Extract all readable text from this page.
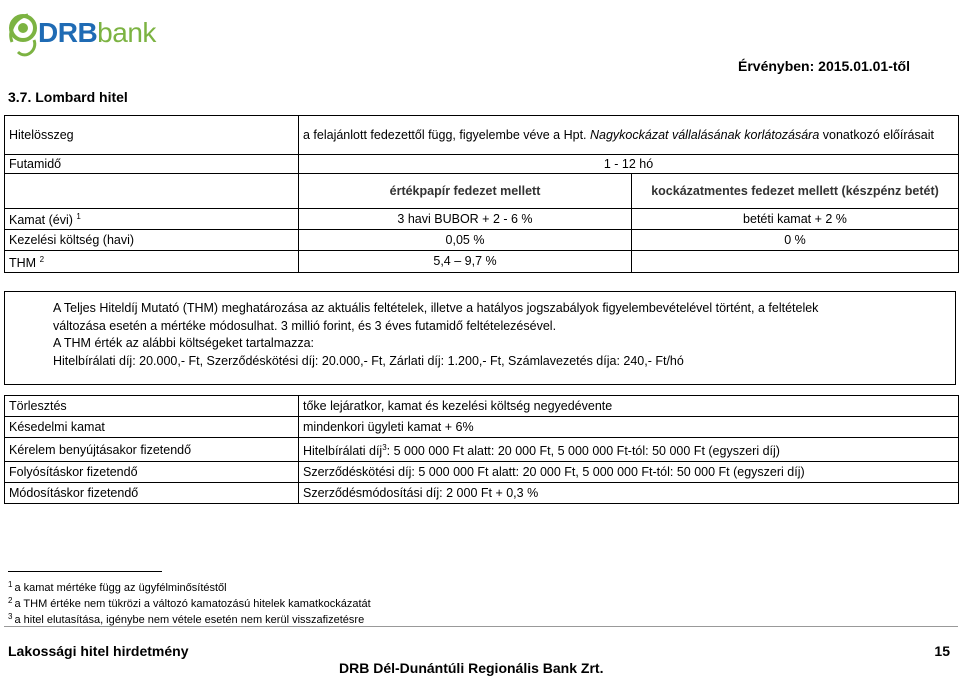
DRBbank
Érvényben: 2015.01.01-től
3.7. Lombard hitel
Hitelösszeg	a felajánlott fedezettől függ, figyelembe véve a Hpt. Nagykockázat vállalásának korlátozására vonatkozó előírásait	
Futamidő	1 - 12 hó	
	értékpapír fedezet mellett	kockázatmentes fedezet mellett (készpénz betét)
Kamat (évi) $^1$	3 havi BUBOR + 2 - 6 %	betéti kamat + 2 %
Kezelési költség (havi)	0,05 %	0 %
THM $^2$	5,4 – 9,7 %	
A Teljes Hiteldíj Mutató (THM) meghatározása az aktuális feltételek, illetve a hatályos jogszabályok figyelembevételével történt, a feltételek
változása esetén a mértéke módosulhat. 3 millió forint, és 3 éves futamidő feltételezésével.
A THM érték az alábbi költségeket tartalmazza:
Hitelbírálati díj: 20.000,- Ft, Szerződéskötési díj: 20.000,- Ft, Zárlati díj: 1.200,- Ft, Számlavezetés díja: 240,- Ft/hó
Törlesztés	tőke lejáratkor, kamat és kezelési költség negyedévente
Késedelmi kamat	mindenkori ügyleti kamat + 6%
Kérelem benyújtásakor fizetendő	Hitelbírálati díj$^3$: 5 000 000 Ft alatt: 20 000 Ft, 5 000 000 Ft-tól: 50 000 Ft (egyszeri díj)
Folyósításkor fizetendő	Szerződéskötési díj: 5 000 000 Ft alatt: 20 000 Ft, 5 000 000 Ft-tól: 50 000 Ft (egyszeri díj)
Módosításkor fizetendő	Szerződésmódosítási díj: 2 000 Ft + 0,3 %
$^1$ a kamat mértéke függ az ügyfélminősítéstől
$^2$ a THM értéke nem tükrözi a változó kamatozású hitelek kamatkockázatát
$^3$ a hitel elutasítása, igénybe nem vétele esetén nem kerül visszafizetésre
Lakossági hitel hirdetmény	15
DRB Dél-Dunántúli Regionális Bank Zrt.
